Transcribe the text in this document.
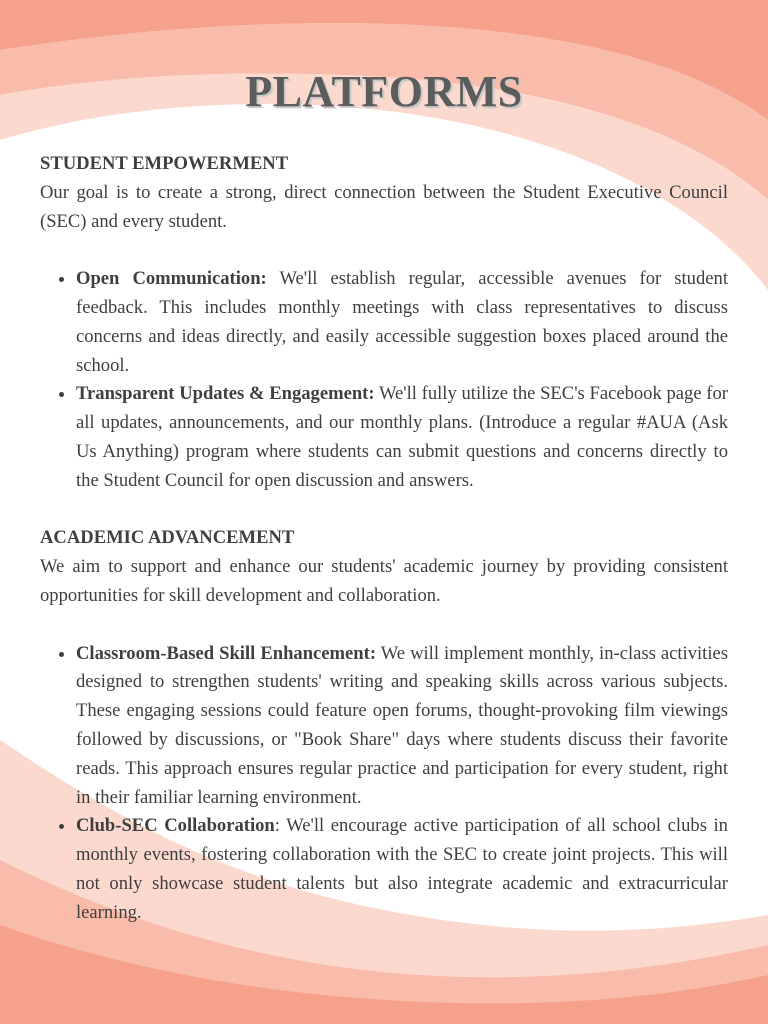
PLATFORMS

STUDENT EMPOWERMENT

Our goal is to create a strong, direct connection between the Student Executive Council (SEC) and every student.

• Open Communication: We'll establish regular, accessible avenues for student feedback. This includes monthly meetings with class representatives to discuss concerns and ideas directly, and easily accessible suggestion boxes placed around the school.
• Transparent Updates & Engagement: We'll fully utilize the SEC's Facebook page for all updates, announcements, and our monthly plans. (Introduce a regular #AUA (Ask Us Anything) program where students can submit questions and concerns directly to the Student Council for open discussion and answers.

ACADEMIC ADVANCEMENT

We aim to support and enhance our students' academic journey by providing consistent opportunities for skill development and collaboration.

• Classroom-Based Skill Enhancement: We will implement monthly, in-class activities designed to strengthen students' writing and speaking skills across various subjects. These engaging sessions could feature open forums, thought-provoking film viewings followed by discussions, or "Book Share" days where students discuss their favorite reads. This approach ensures regular practice and participation for every student, right in their familiar learning environment.
• Club-SEC Collaboration: We'll encourage active participation of all school clubs in monthly events, fostering collaboration with the SEC to create joint projects. This will not only showcase student talents but also integrate academic and extracurricular learning.
